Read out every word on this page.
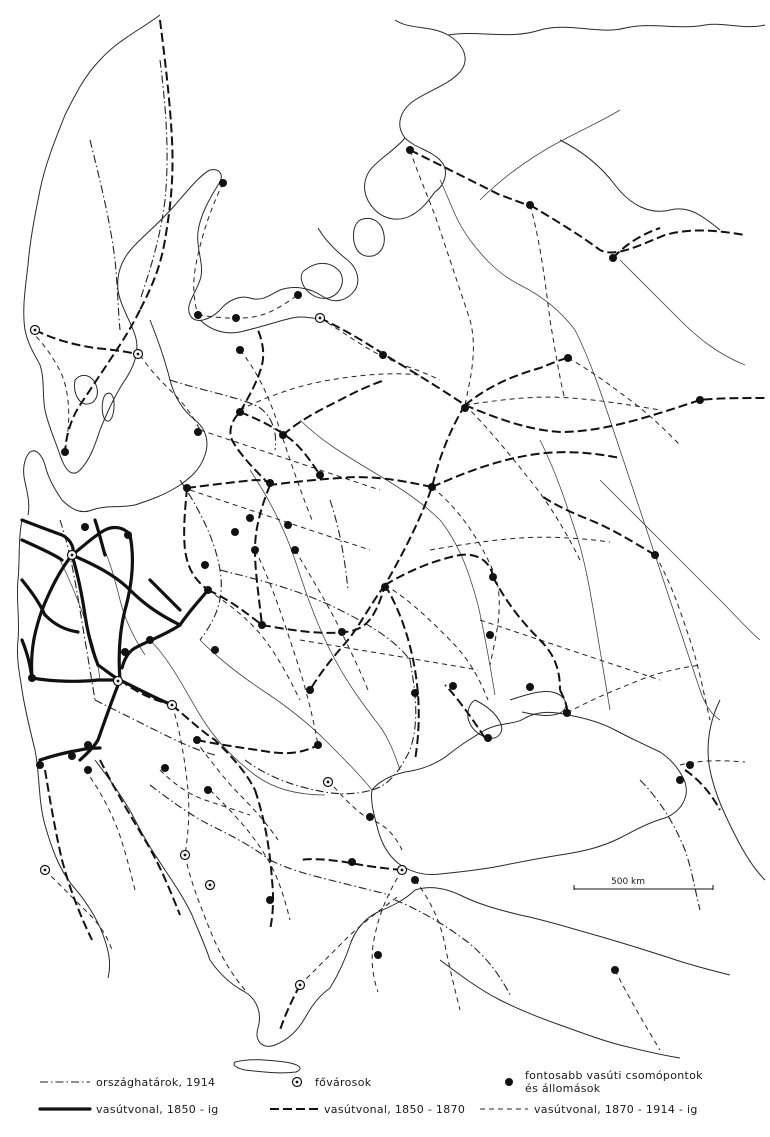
500 km
országhatárok, 1914	fővárosok
fontosabb vasúti csomópontok
és állomások
vasútvonal, 1850 - ig	vasútvonal, 1850 - 1870	vasútvonal, 1870 - 1914 - ig
